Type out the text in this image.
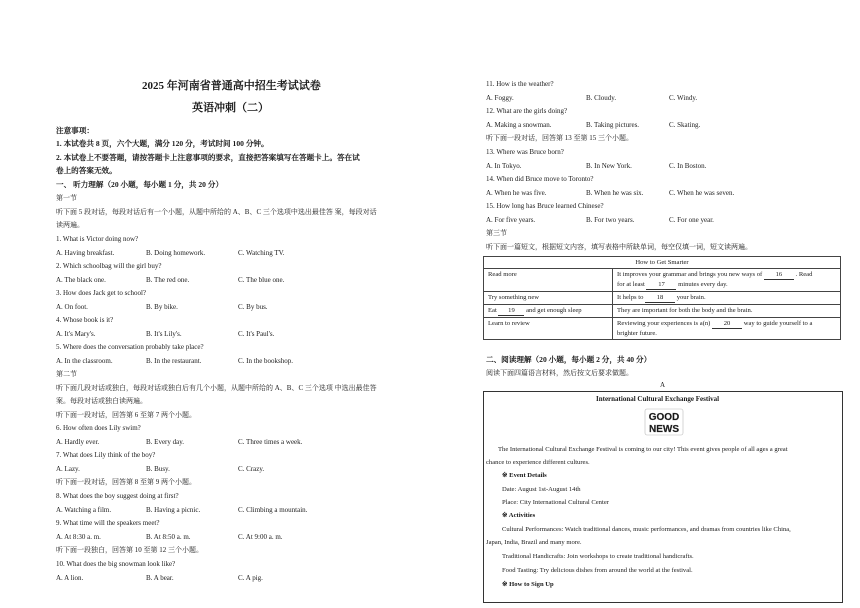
2025 年河南省普通高中招生考试试卷
英语冲刺（二）
注意事项：
1. 本试卷共 8 页，六个大题，满分 120 分，考试时间 100 分钟。
2. 本试卷上不要答题，请按答题卡上注意事项的要求，直接把答案填写在答题卡上。答在试
卷上的答案无效。
一、 听力理解（20 小题，每小题 1 分，共 20 分）
第一节
听下面 5 段对话，每段对话后有一个小题，从题中所给的 A、B、C 三个选项中选出最佳答 案，每段对话
读两遍。
1. What is Victor doing now?
A. Having breakfast.	B. Doing homework.	C. Watching TV.
2. Which schoolbag will the girl buy?
A. The black one.	B. The red one.	C. The blue one.
3. How does Jack get to school?
A. On foot.	B. By bike.	C. By bus.
4. Whose book is it?
A. It's Mary's.	B. It's Lily's.	C. It's Paul's.
5. Where does the conversation probably take place?
A. In the classroom.	B. In the restaurant.	C. In the bookshop.
第二节
听下面几段对话或独白，每段对话或独白后有几个小题，从题中所给的 A、B、C 三个选项 中选出最佳答
案。每段对话或独白读两遍。
听下面一段对话，回答第 6 至第 7 两个小题。
6. How often does Lily swim?
A. Hardly ever.	B. Every day.	C. Three times a week.
7. What does Lily think of the boy?
A. Lazy.	B. Busy.	C. Crazy.
听下面一段对话，回答第 8 至第 9 两个小题。
8. What does the boy suggest doing at first?
A. Watching a film.	B. Having a picnic.	C. Climbing a mountain.
9. What time will the speakers meet?
A. At 8:30 a. m.	B. At 8:50 a. m.	C. At 9:00 a. m.
听下面一段独白，回答第 10 至第 12 三个小题。
10. What does the big snowman look like?
A. A lion.	B. A bear.	C. A pig.
11. How is the weather?
A. Foggy.	B. Cloudy.	C. Windy.
12. What are the girls doing?
A. Making a snowman.	B. Taking pictures.	C. Skating.
听下面一段对话，回答第 13 至第 15 三个小题。
13. Where was Bruce born?
A. In Tokyo.	B. In New York.	C. In Boston.
14. When did Bruce move to Toronto?
A. When he was five.	B. When he was six.	C. When he was seven.
15. How long has Bruce learned Chinese?
A. For five years.	B. For two years.	C. For one year.
第三节
听下面一篇短文，根据短文内容，填写表格中所缺单词，每空仅填一词，短文读两遍。
How to Get Smarter	
Read more	It improves your grammar and brings you new ways of 16 . Read
for at least 17 minutes every day.
Try something new	It helps to 18 your brain.
Eat 19 and get enough sleep	They are important for both the body and the brain.
Learn to review	Reviewing your experiences is a(n) 20 way to guide yourself to a
brighter future.
二、阅读理解（20 小题，每小题 2 分，共 40 分）
阅读下面四篇语言材料，然后按文后要求做题。
A
International Cultural Exchange Festival
GOOD
NEWS
The International Cultural Exchange Festival is coming to our city! This event gives people of all ages a great
chance to experience different cultures.
※ Event Details
Date: August 1st-August 14th
Place: City International Cultural Center
※ Activities
Cultural Performances: Watch traditional dances, music performances, and dramas from countries like China,
Japan, India, Brazil and many more.
Traditional Handicrafts: Join workshops to create traditional handicrafts.
Food Tasting: Try delicious dishes from around the world at the festival.
※ How to Sign Up
